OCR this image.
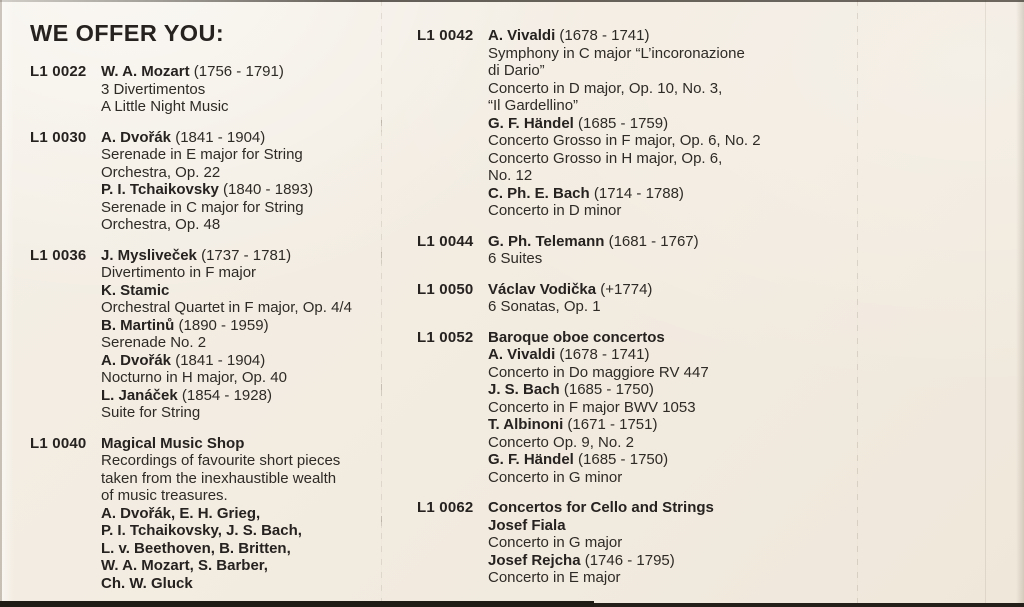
WE OFFER YOU:
L1 0022 W. A. Mozart (1756 - 1791)
3 Divertimentos
A Little Night Music
L1 0030 A. Dvořák (1841 - 1904)
Serenade in E major for String
Orchestra, Op. 22
P. I. Tchaikovsky (1840 - 1893)
Serenade in C major for String
Orchestra, Op. 48
L1 0036 J. Mysliveček (1737 - 1781)
Divertimento in F major
K. Stamic
Orchestral Quartet in F major, Op. 4/4
B. Martinů (1890 - 1959)
Serenade No. 2
A. Dvořák (1841 - 1904)
Nocturno in H major, Op. 40
L. Janáček (1854 - 1928)
Suite for String
L1 0040 Magical Music Shop
Recordings of favourite short pieces
taken from the inexhaustible wealth
of music treasures.
A. Dvořák, E. H. Grieg,
P. I. Tchaikovsky, J. S. Bach,
L. v. Beethoven, B. Britten,
W. A. Mozart, S. Barber,
Ch. W. Gluck
L1 0042 A. Vivaldi (1678 - 1741)
Symphony in C major “L’incoronazione
di Dario”
Concerto in D major, Op. 10, No. 3,
“Il Gardellino”
G. F. Händel (1685 - 1759)
Concerto Grosso in F major, Op. 6, No. 2
Concerto Grosso in H major, Op. 6,
No. 12
C. Ph. E. Bach (1714 - 1788)
Concerto in D minor
L1 0044 G. Ph. Telemann (1681 - 1767)
6 Suites
L1 0050 Václav Vodička (+1774)
6 Sonatas, Op. 1
L1 0052 Baroque oboe concertos
A. Vivaldi (1678 - 1741)
Concerto in Do maggiore RV 447
J. S. Bach (1685 - 1750)
Concerto in F major BWV 1053
T. Albinoni (1671 - 1751)
Concerto Op. 9, No. 2
G. F. Händel (1685 - 1750)
Concerto in G minor
L1 0062 Concertos for Cello and Strings
Josef Fiala
Concerto in G major
Josef Rejcha (1746 - 1795)
Concerto in E major
